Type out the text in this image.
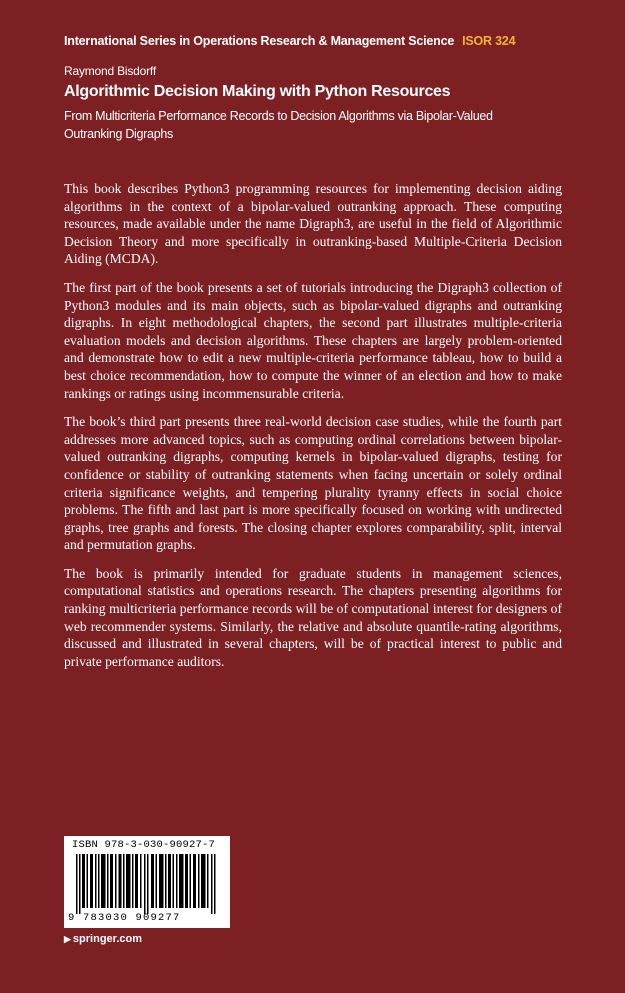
International Series in Operations Research & Management Science ISOR 324
Raymond Bisdorff
Algorithmic Decision Making with Python Resources
From Multicriteria Performance Records to Decision Algorithms via Bipolar-Valued Outranking Digraphs

This book describes Python3 programming resources for implementing decision aiding algorithms in the context of a bipolar-valued outranking approach. These computing resources, made available under the name Digraph3, are useful in the field of Algorithmic Decision Theory and more specifically in outranking-based Multiple-Criteria Decision Aiding (MCDA).

The first part of the book presents a set of tutorials introducing the Digraph3 collection of Python3 modules and its main objects, such as bipolar-valued digraphs and outranking digraphs. In eight methodological chapters, the second part illustrates multiple-criteria evaluation models and decision algorithms. These chapters are largely problem-oriented and demonstrate how to edit a new multiple-criteria performance tableau, how to build a best choice recommendation, how to compute the winner of an election and how to make rankings or ratings using incommensurable criteria.

The book’s third part presents three real-world decision case studies, while the fourth part addresses more advanced topics, such as computing ordinal correlations between bipolar-valued outranking digraphs, computing kernels in bipolar-valued digraphs, testing for confidence or stability of outranking statements when facing uncertain or solely ordinal criteria significance weights, and tempering plurality tyranny effects in social choice problems. The fifth and last part is more specifically focused on working with undirected graphs, tree graphs and forests. The closing chapter explores comparability, split, interval and permutation graphs.

The book is primarily intended for graduate students in management sciences, computational statistics and operations research. The chapters presenting algorithms for ranking multicriteria performance records will be of computational interest for designers of web recommender systems. Similarly, the relative and absolute quantile-rating algorithms, discussed and illustrated in several chapters, will be of practical interest to public and private performance auditors.

ISBN 978-3-030-90927-7
9 783030 909277
▶ springer.com
